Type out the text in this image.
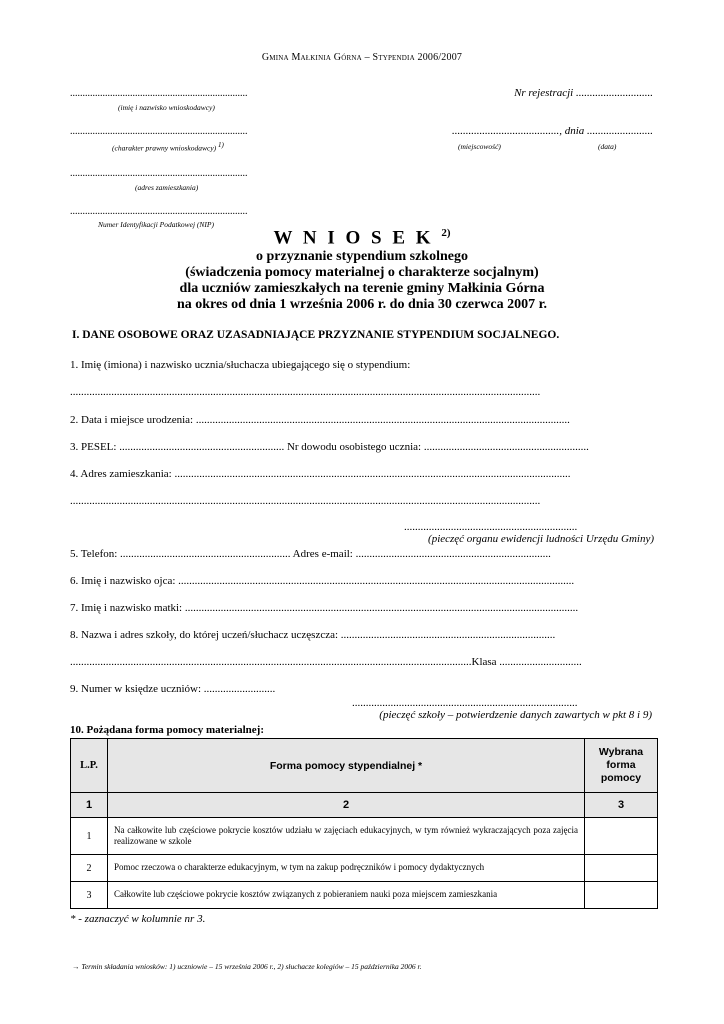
Gmina Małkinia Górna – Stypendia 2006/2007
.......................................................................
(imię i nazwisko wnioskodawcy)
.......................................................................
(charakter prawny wnioskodawcy) 1)
.......................................................................
(adres zamieszkania)
.......................................................................
Numer Identyfikacji Podatkowej (NIP)
Nr rejestracji ............................
......................................., dnia ........................
(miejscowość)	(data)
W N I O S E K $^{2)}$
o przyznanie stypendium szkolnego
(świadczenia pomocy materialnej o charakterze socjalnym)
dla uczniów zamieszkałych na terenie gminy Małkinia Górna
na okres od dnia 1 września 2006 r. do dnia 30 czerwca 2007 r.
I. DANE OSOBOWE ORAZ UZASADNIAJĄCE PRZYZNANIE STYPENDIUM SOCJALNEGO.
1. Imię (imiona) i nazwisko ucznia/słuchacza ubiegającego się o stypendium:
...........................................................................................................................................................................
2. Data i miejsce urodzenia: ........................................................................................................................................
3. PESEL: ............................................................ Nr dowodu osobistego ucznia: ............................................................
4. Adres zamieszkania: ................................................................................................................................................
...........................................................................................................................................................................
...............................................................
(pieczęć organu ewidencji ludności Urzędu Gminy)
5. Telefon: .............................................................. Adres e-mail: .......................................................................
6. Imię i nazwisko ojca: ................................................................................................................................................
7. Imię i nazwisko matki: ...............................................................................................................................................
8. Nazwa i adres szkoły, do której uczeń/słuchacz uczęszcza: ..............................................................................
..................................................................................................................................................Klasa ..............................
9. Numer w księdze uczniów: ..........................
..................................................................................
(pieczęć szkoły – potwierdzenie danych zawartych w pkt 8 i 9)
10. Pożądana forma pomocy materialnej:
L.P.	Forma pomocy stypendialnej *	Wybrana forma pomocy
1	2	3
1	Na całkowite lub częściowe pokrycie kosztów udziału w zajęciach edukacyjnych, w tym również wykraczających poza zajęcia realizowane w szkole	
2	Pomoc rzeczowa o charakterze edukacyjnym, w tym na zakup podręczników i pomocy dydaktycznych	
3	Całkowite lub częściowe pokrycie kosztów związanych z pobieraniem nauki poza miejscem zamieszkania	
* - zaznaczyć w kolumnie nr 3.
→ Termin składania wniosków: 1) uczniowie – 15 września 2006 r., 2) słuchacze kolegiów – 15 października 2006 r.
